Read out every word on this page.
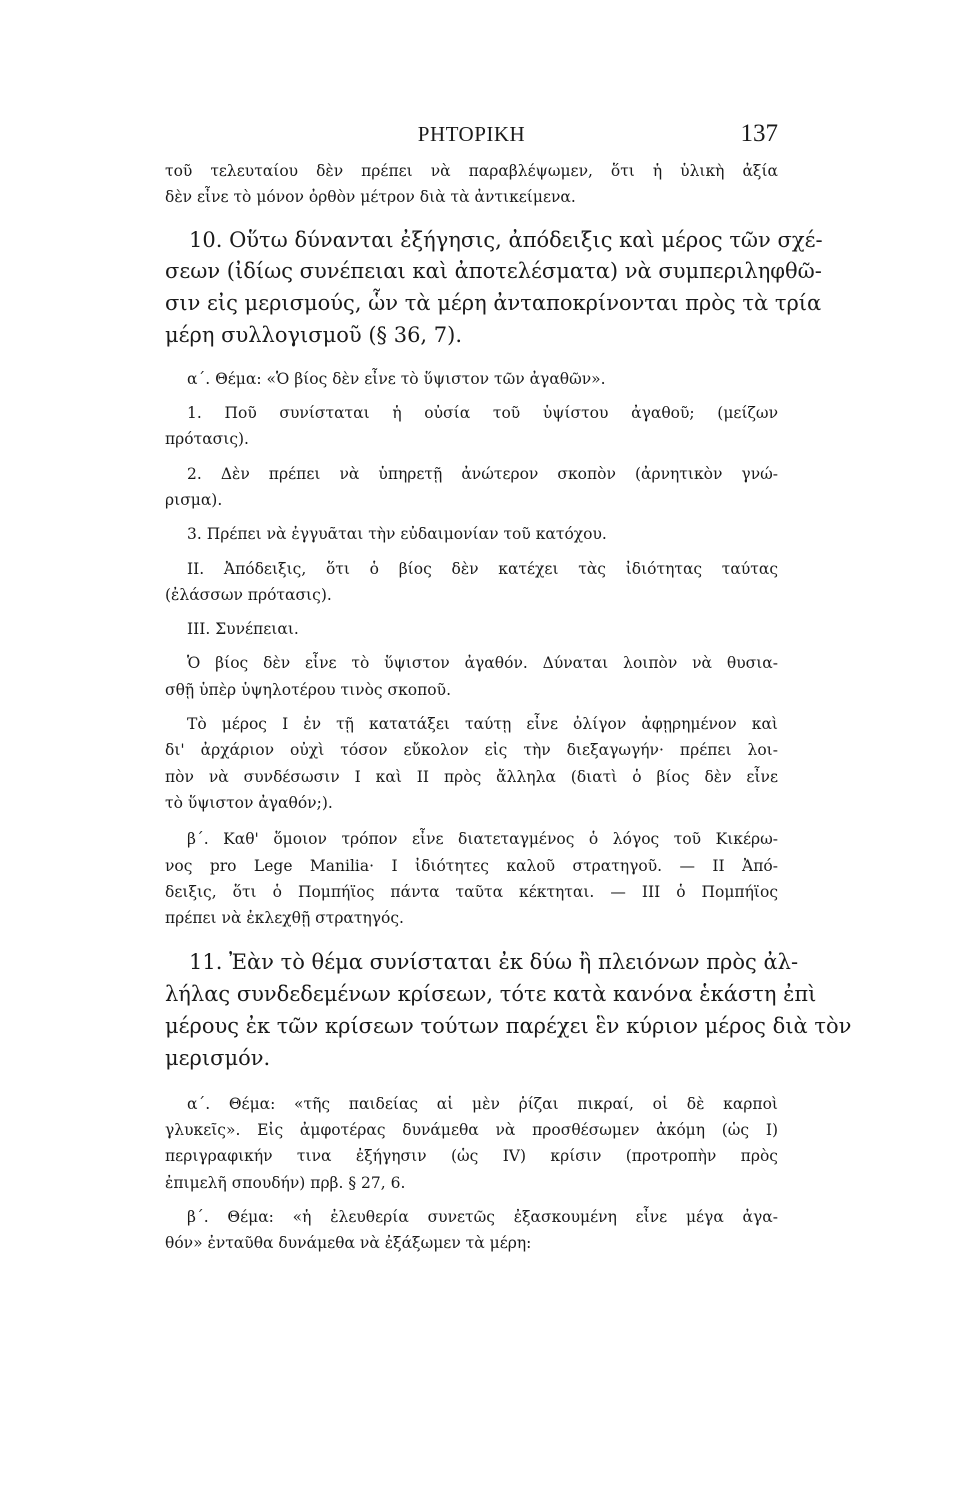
ΡΗΤΟΡΙΚΗ	137
τοῦ τελευταίου δὲν πρέπει νὰ παραβλέψωμεν, ὅτι ἡ ὑλικὴ ἀξία
δὲν εἶνε τὸ μόνον ὀρθὸν μέτρον διὰ τὰ ἀντικείμενα.
10. Οὕτω δύνανται ἐξήγησις, ἀπόδειξις καὶ μέρος τῶν σχέ-
σεων (ἰδίως συνέπειαι καὶ ἀποτελέσματα) νὰ συμπεριληφθῶ-
σιν εἰς μερισμούς, ὧν τὰ μέρη ἀνταποκρίνονται πρὸς τὰ τρία
μέρη συλλογισμοῦ (§ 36, 7).
α΄. Θέμα: «Ὁ βίος δὲν εἶνε τὸ ὕψιστον τῶν ἀγαθῶν».
1. Ποῦ συνίσταται ἡ οὐσία τοῦ ὑψίστου ἀγαθοῦ; (μείζων
πρότασις).
2. Δὲν πρέπει νὰ ὑπηρετῇ ἀνώτερον σκοπὸν (ἀρνητικὸν γνώ-
ρισμα).
3. Πρέπει νὰ ἐγγυᾶται τὴν εὐδαιμονίαν τοῦ κατόχου.
II. Ἀπόδειξις, ὅτι ὁ βίος δὲν κατέχει τὰς ἰδιότητας ταύτας
(ἐλάσσων πρότασις).
III. Συνέπειαι.
Ὁ βίος δὲν εἶνε τὸ ὕψιστον ἀγαθόν. Δύναται λοιπὸν νὰ θυσια-
σθῇ ὑπὲρ ὑψηλοτέρου τινὸς σκοποῦ.
Τὸ μέρος I ἐν τῇ κατατάξει ταύτῃ εἶνε ὀλίγον ἀφῃρημένον καὶ
δι' ἀρχάριον οὐχὶ τόσον εὔκολον εἰς τὴν διεξαγωγήν· πρέπει λοι-
πὸν νὰ συνδέσωσιν I καὶ II πρὸς ἄλληλα (διατὶ ὁ βίος δὲν εἶνε
τὸ ὕψιστον ἀγαθόν;).
β΄. Καθ' ὅμοιον τρόπον εἶνε διατεταγμένος ὁ λόγος τοῦ Κικέρω-
νος pro Lege Manilia· I ἰδιότητες καλοῦ στρατηγοῦ. — II Ἀπό-
δειξις, ὅτι ὁ Πομπήϊος πάντα ταῦτα κέκτηται. — III ὁ Πομπήϊος
πρέπει νὰ ἐκλεχθῇ στρατηγός.
11. Ἐὰν τὸ θέμα συνίσταται ἐκ δύω ἢ πλειόνων πρὸς ἀλ-
λήλας συνδεδεμένων κρίσεων, τότε κατὰ κανόνα ἑκάστη ἐπὶ
μέρους ἐκ τῶν κρίσεων τούτων παρέχει ἓν κύριον μέρος διὰ τὸν
μερισμόν.
α΄. Θέμα: «τῆς παιδείας αἱ μὲν ῥίζαι πικραί, οἱ δὲ καρποὶ
γλυκεῖς». Εἰς ἀμφοτέρας δυνάμεθα νὰ προσθέσωμεν ἀκόμη (ὡς I)
περιγραφικήν τινα ἐξήγησιν (ὡς IV) κρίσιν (προτροπὴν πρὸς
ἐπιμελῆ σπουδήν) πρβ. § 27, 6.
β΄. Θέμα: «ἡ ἐλευθερία συνετῶς ἐξασκουμένη εἶνε μέγα ἀγα-
θόν» ἐνταῦθα δυνάμεθα νὰ ἐξάξωμεν τὰ μέρη:
